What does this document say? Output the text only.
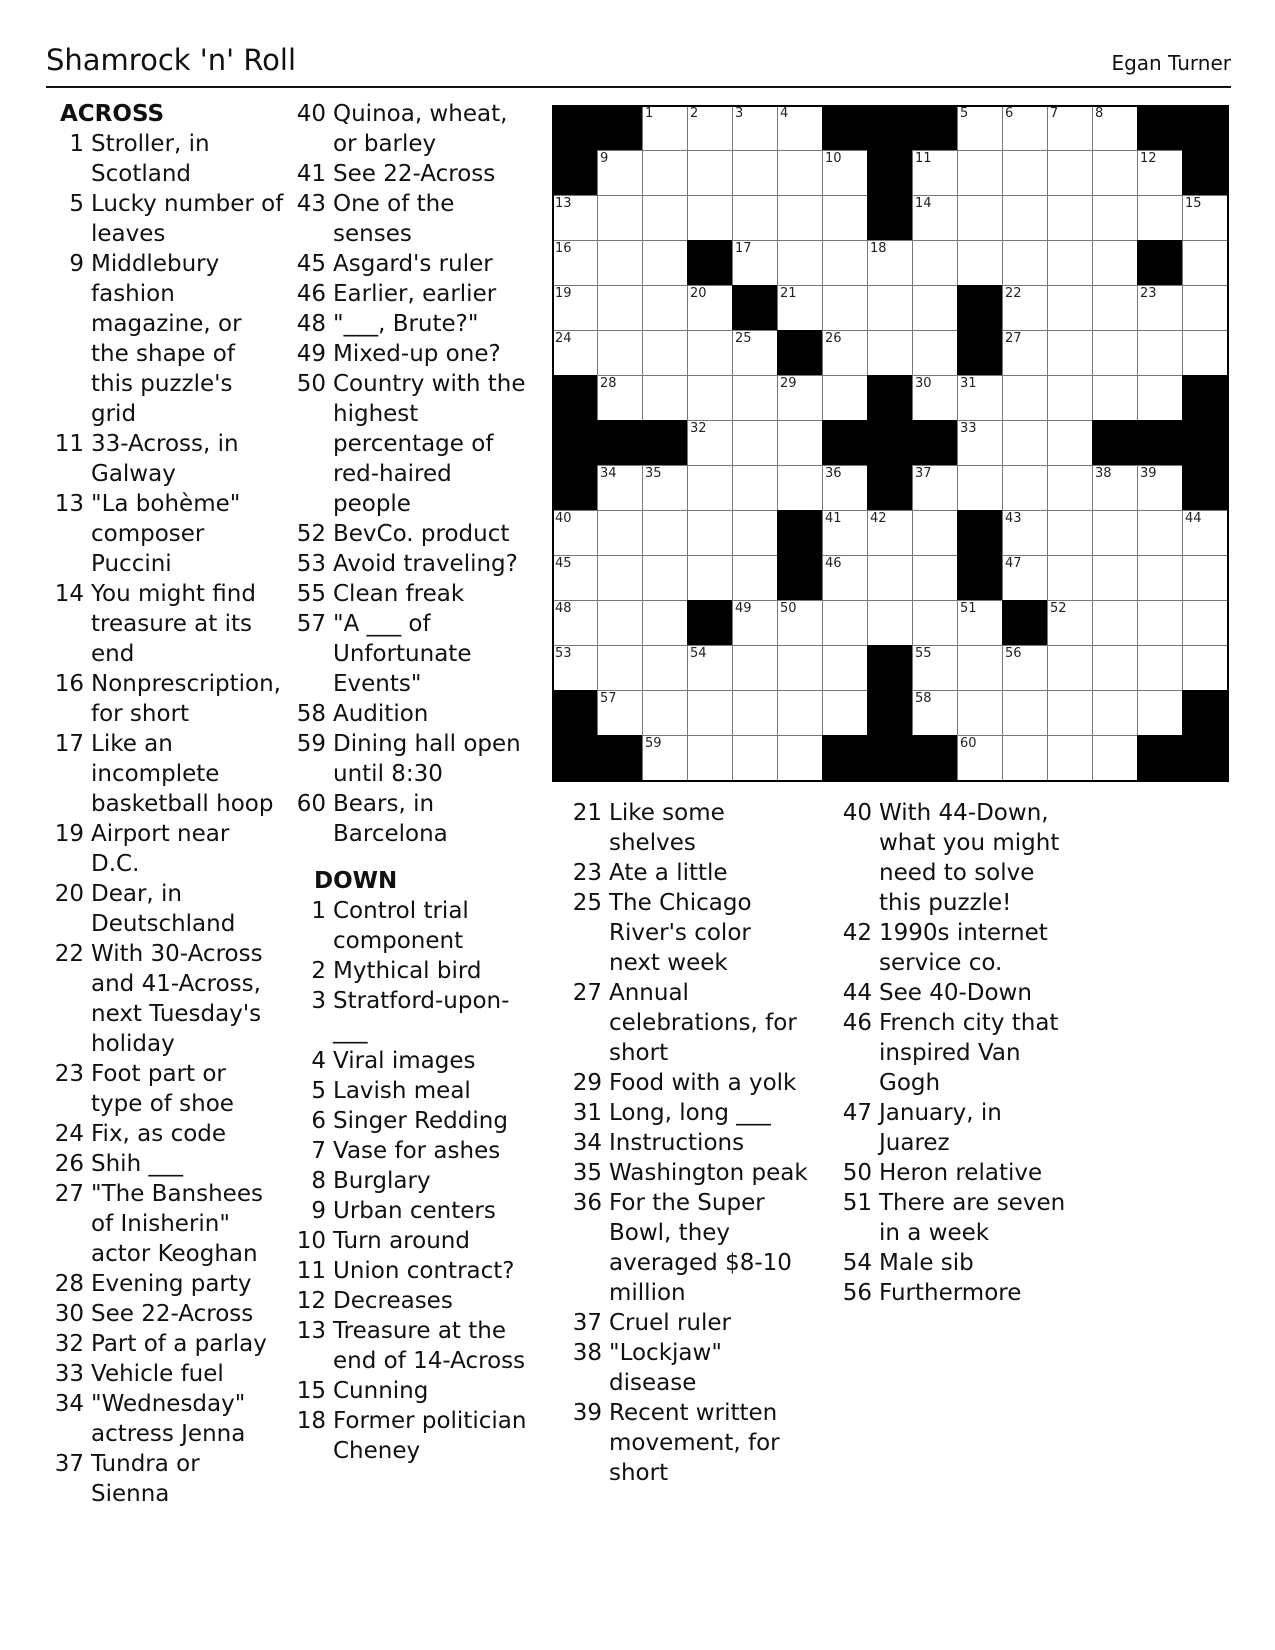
Shamrock 'n' Roll	Egan Turner
ACROSS
1 Stroller, in Scotland
5 Lucky number of leaves
9 Middlebury fashion magazine, or the shape of this puzzle's grid
11 33-Across, in Galway
13 "La bohème" composer Puccini
14 You might find treasure at its end
16 Nonprescription, for short
17 Like an incomplete basketball hoop
19 Airport near D.C.
20 Dear, in Deutschland
22 With 30-Across and 41-Across, next Tuesday's holiday
23 Foot part or type of shoe
24 Fix, as code
26 Shih ___
27 "The Banshees of Inisherin" actor Keoghan
28 Evening party
30 See 22-Across
32 Part of a parlay
33 Vehicle fuel
34 "Wednesday" actress Jenna
37 Tundra or Sienna
40 Quinoa, wheat, or barley
41 See 22-Across
43 One of the senses
45 Asgard's ruler
46 Earlier, earlier
48 "___, Brute?"
49 Mixed-up one?
50 Country with the highest percentage of red-haired people
52 BevCo. product
53 Avoid traveling?
55 Clean freak
57 "A ___ of Unfortunate Events"
58 Audition
59 Dining hall open until 8:30
60 Bears, in Barcelona
DOWN
1 Control trial component
2 Mythical bird
3 Stratford-upon-___
4 Viral images
5 Lavish meal
6 Singer Redding
7 Vase for ashes
8 Burglary
9 Urban centers
10 Turn around
11 Union contract?
12 Decreases
13 Treasure at the end of 14-Across
15 Cunning
18 Former politician Cheney
21 Like some shelves
23 Ate a little
25 The Chicago River's color next week
27 Annual celebrations, for short
29 Food with a yolk
31 Long, long ___
34 Instructions
35 Washington peak
36 For the Super Bowl, they averaged $8-10 million
37 Cruel ruler
38 "Lockjaw" disease
39 Recent written movement, for short
40 With 44-Down, what you might need to solve this puzzle!
42 1990s internet service co.
44 See 40-Down
46 French city that inspired Van Gogh
47 January, in Juarez
50 Heron relative
51 There are seven in a week
54 Male sib
56 Furthermore
1	2	3	4	5	6	7	8
9	10	11	12
13	14	15
16	17	18
19	20	21	22	23
24	25	26	27
28	29	30 31
32	33
34 35	36	37	38 39
40	41 42	43	44
45	46	47
48	49 50	51	52
53	54	55	56
57	58
59	60
